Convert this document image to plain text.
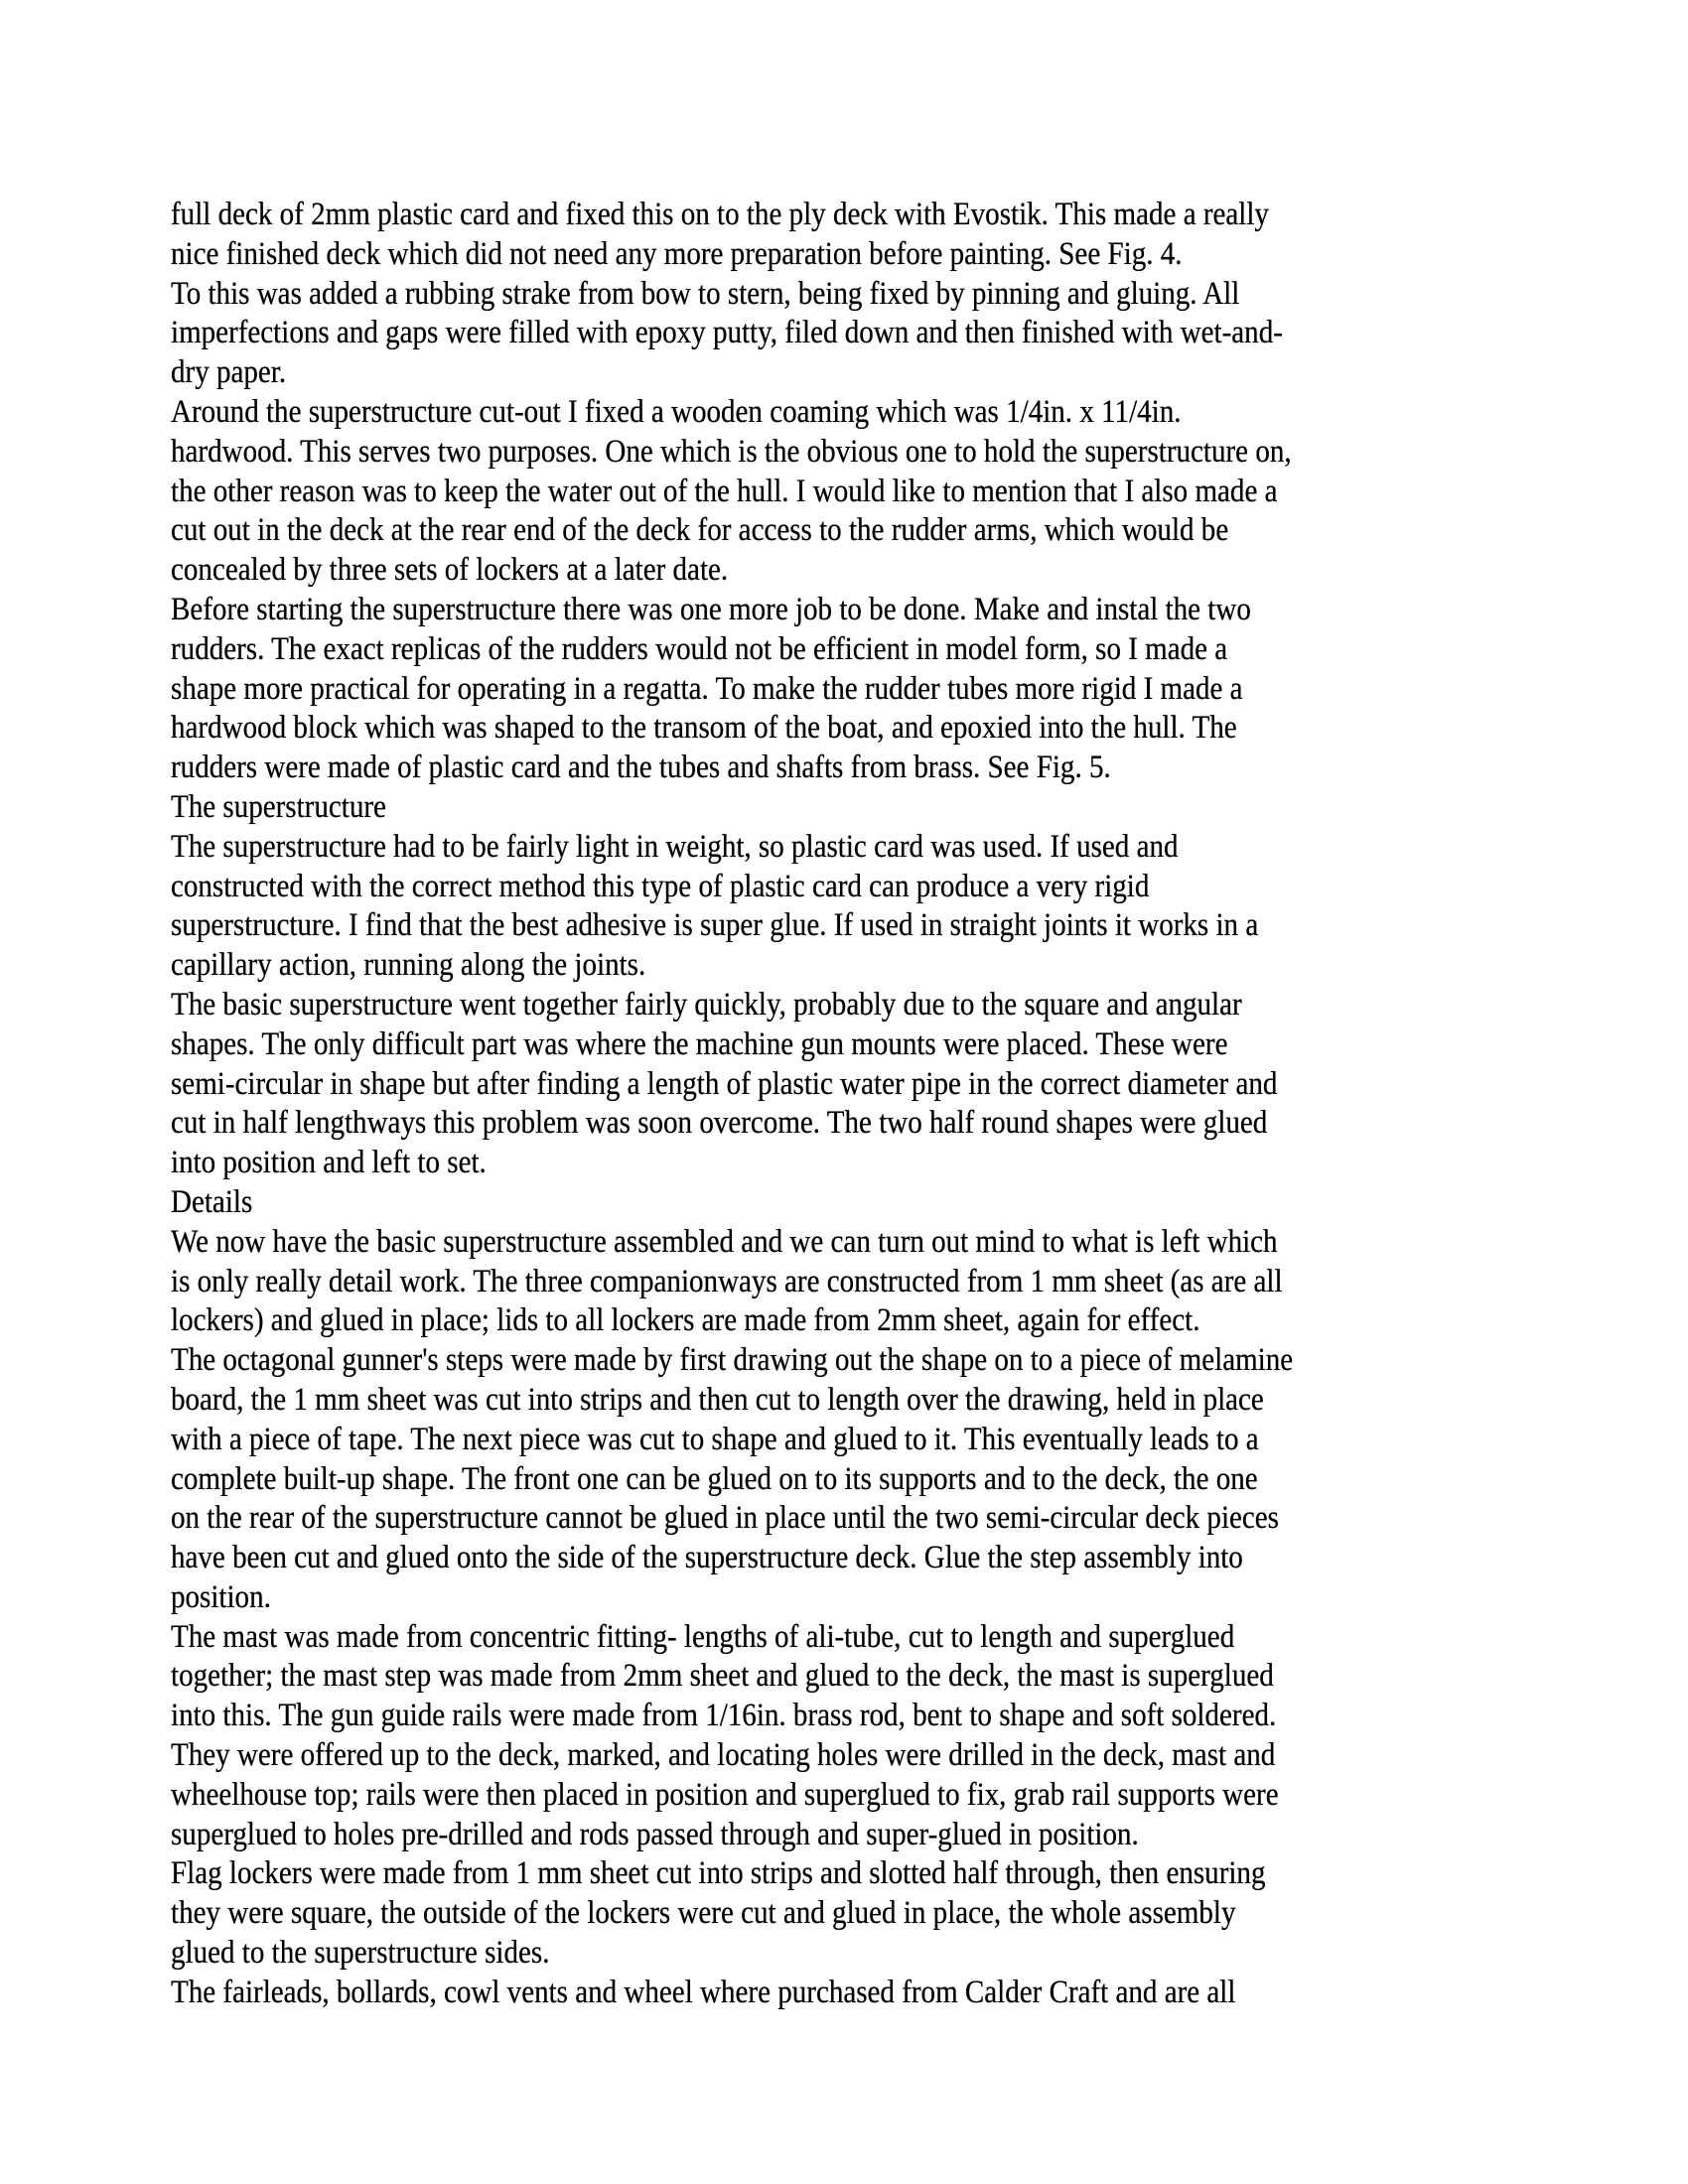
full deck of 2mm plastic card and fixed this on to the ply deck with Evostik. This made a really
nice finished deck which did not need any more preparation before painting. See Fig. 4.
To this was added a rubbing strake from bow to stern, being fixed by pinning and gluing. All
imperfections and gaps were filled with epoxy putty, filed down and then finished with wet-and-
dry paper.
Around the superstructure cut-out I fixed a wooden coaming which was 1/4in. x 11/4in.
hardwood. This serves two purposes. One which is the obvious one to hold the superstructure on,
the other reason was to keep the water out of the hull. I would like to mention that I also made a
cut out in the deck at the rear end of the deck for access to the rudder arms, which would be
concealed by three sets of lockers at a later date.
Before starting the superstructure there was one more job to be done. Make and instal the two
rudders. The exact replicas of the rudders would not be efficient in model form, so I made a
shape more practical for operating in a regatta. To make the rudder tubes more rigid I made a
hardwood block which was shaped to the transom of the boat, and epoxied into the hull. The
rudders were made of plastic card and the tubes and shafts from brass. See Fig. 5.
The superstructure
The superstructure had to be fairly light in weight, so plastic card was used. If used and
constructed with the correct method this type of plastic card can produce a very rigid
superstructure. I find that the best adhesive is super glue. If used in straight joints it works in a
capillary action, running along the joints.
The basic superstructure went together fairly quickly, probably due to the square and angular
shapes. The only difficult part was where the machine gun mounts were placed. These were
semi-circular in shape but after finding a length of plastic water pipe in the correct diameter and
cut in half lengthways this problem was soon overcome. The two half round shapes were glued
into position and left to set.
Details
We now have the basic superstructure assembled and we can turn out mind to what is left which
is only really detail work. The three companionways are constructed from 1 mm sheet (as are all
lockers) and glued in place; lids to all lockers are made from 2mm sheet, again for effect.
The octagonal gunner's steps were made by first drawing out the shape on to a piece of melamine
board, the 1 mm sheet was cut into strips and then cut to length over the drawing, held in place
with a piece of tape. The next piece was cut to shape and glued to it. This eventually leads to a
complete built-up shape. The front one can be glued on to its supports and to the deck, the one
on the rear of the superstructure cannot be glued in place until the two semi-circular deck pieces
have been cut and glued onto the side of the superstructure deck. Glue the step assembly into
position.
The mast was made from concentric fitting- lengths of ali-tube, cut to length and superglued
together; the mast step was made from 2mm sheet and glued to the deck, the mast is superglued
into this. The gun guide rails were made from 1/16in. brass rod, bent to shape and soft soldered.
They were offered up to the deck, marked, and locating holes were drilled in the deck, mast and
wheelhouse top; rails were then placed in position and superglued to fix, grab rail supports were
superglued to holes pre-drilled and rods passed through and super-glued in position.
Flag lockers were made from 1 mm sheet cut into strips and slotted half through, then ensuring
they were square, the outside of the lockers were cut and glued in place, the whole assembly
glued to the superstructure sides.
The fairleads, bollards, cowl vents and wheel where purchased from Calder Craft and are all
